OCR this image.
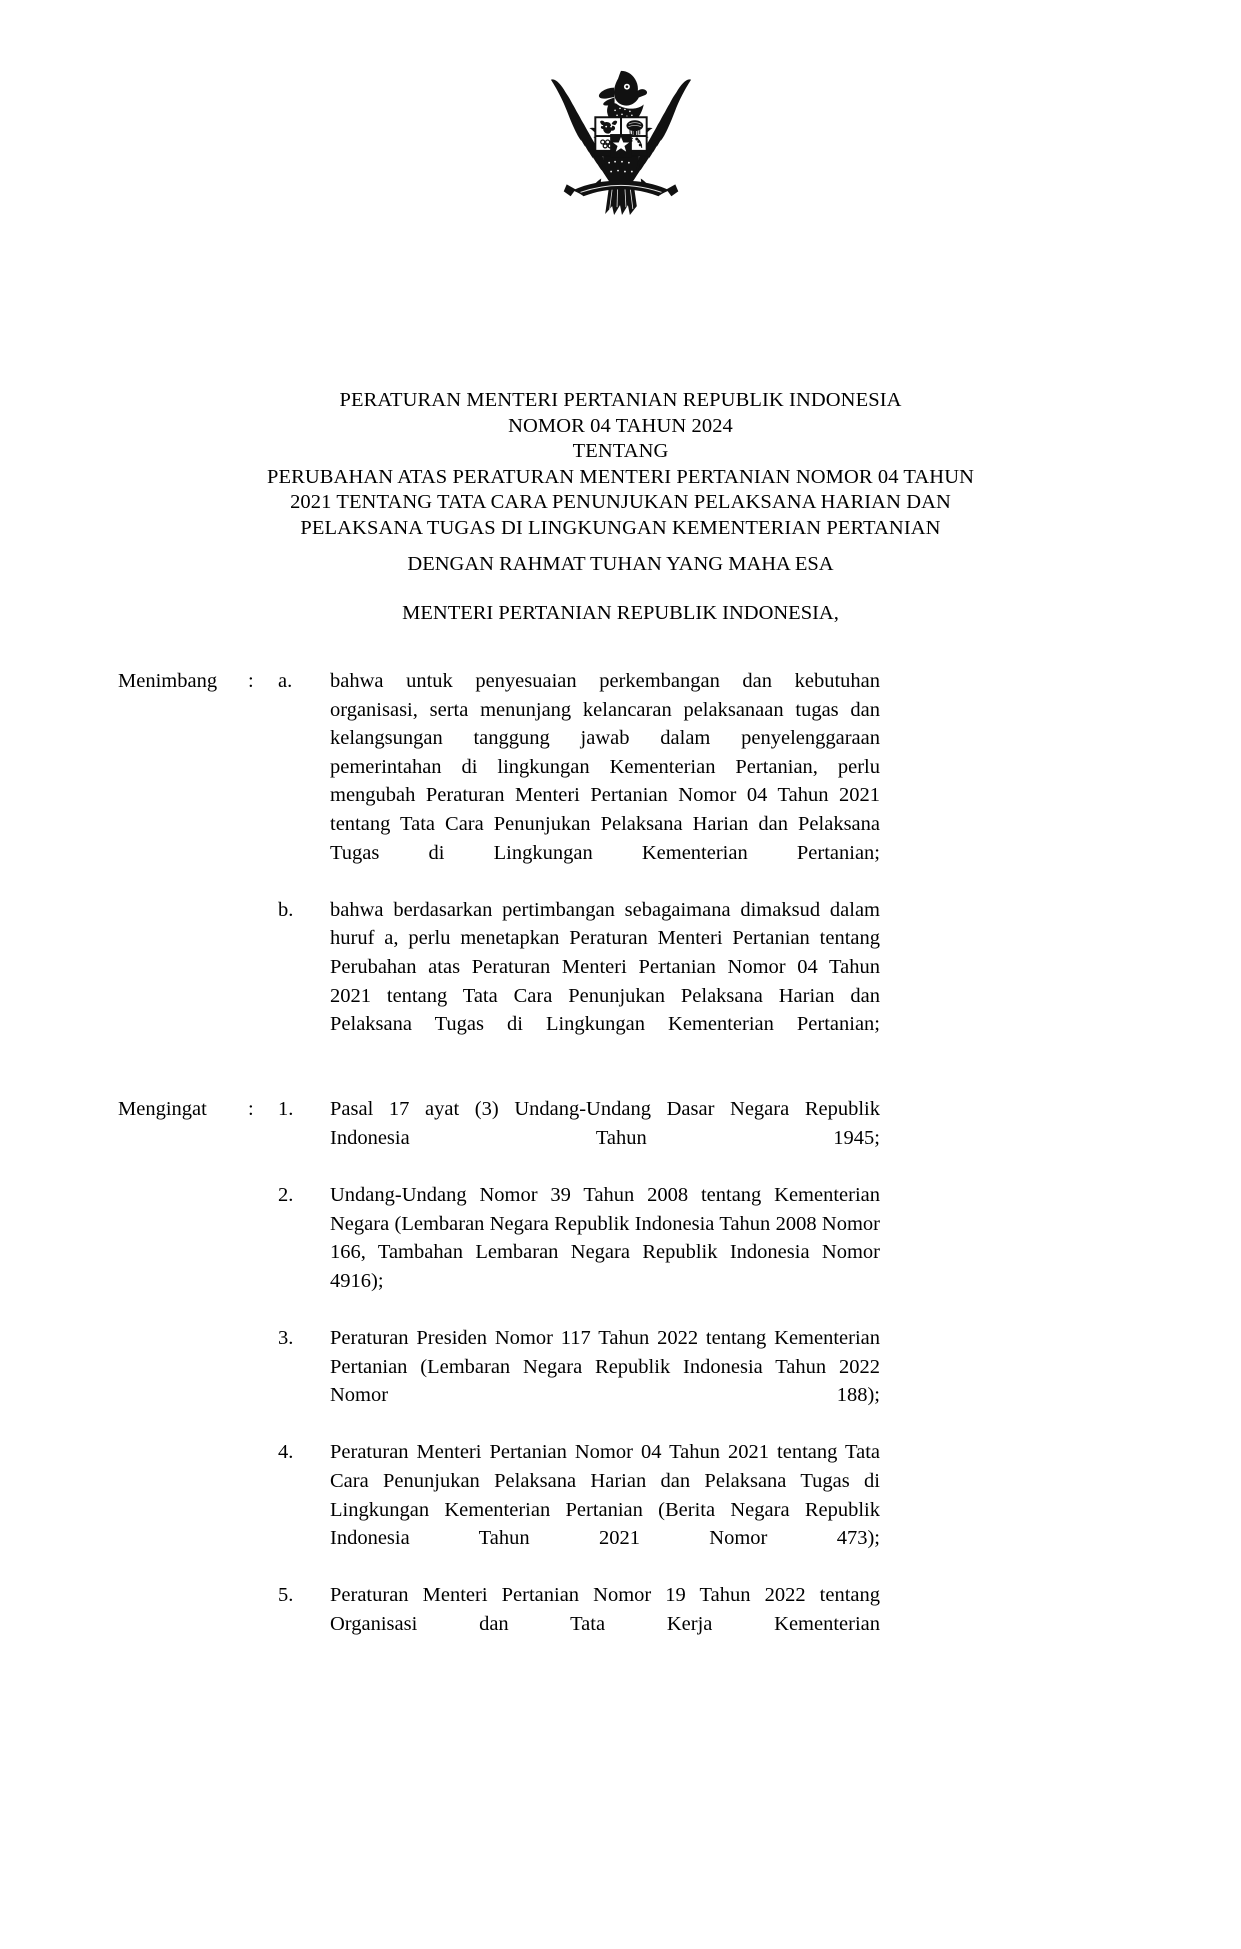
PERATURAN MENTERI PERTANIAN REPUBLIK INDONESIA
NOMOR 04 TAHUN 2024
TENTANG
PERUBAHAN ATAS PERATURAN MENTERI PERTANIAN NOMOR 04 TAHUN
2021 TENTANG TATA CARA PENUNJUKAN PELAKSANA HARIAN DAN
PELAKSANA TUGAS DI LINGKUNGAN KEMENTERIAN PERTANIAN
DENGAN RAHMAT TUHAN YANG MAHA ESA
MENTERI PERTANIAN REPUBLIK INDONESIA,
Menimbang	:	a.	bahwa untuk penyesuaian perkembangan dan kebutuhan organisasi, serta menunjang kelancaran pelaksanaan tugas dan kelangsungan tanggung jawab dalam penyelenggaraan pemerintahan di lingkungan Kementerian Pertanian, perlu mengubah Peraturan Menteri Pertanian Nomor 04 Tahun 2021 tentang Tata Cara Penunjukan Pelaksana Harian dan Pelaksana Tugas di Lingkungan Kementerian Pertanian;
b.	bahwa berdasarkan pertimbangan sebagaimana dimaksud dalam huruf a, perlu menetapkan Peraturan Menteri Pertanian tentang Perubahan atas Peraturan Menteri Pertanian Nomor 04 Tahun 2021 tentang Tata Cara Penunjukan Pelaksana Harian dan Pelaksana Tugas di Lingkungan Kementerian Pertanian;
Mengingat	:	1.	Pasal 17 ayat (3) Undang-Undang Dasar Negara Republik Indonesia Tahun 1945;
2.	Undang-Undang Nomor 39 Tahun 2008 tentang Kementerian Negara (Lembaran Negara Republik Indonesia Tahun 2008 Nomor 166, Tambahan Lembaran Negara Republik Indonesia Nomor 4916);
3.	Peraturan Presiden Nomor 117 Tahun 2022 tentang Kementerian Pertanian (Lembaran Negara Republik Indonesia Tahun 2022 Nomor 188);
4.	Peraturan Menteri Pertanian Nomor 04 Tahun 2021 tentang Tata Cara Penunjukan Pelaksana Harian dan Pelaksana Tugas di Lingkungan Kementerian Pertanian (Berita Negara Republik Indonesia Tahun 2021 Nomor 473);
5.	Peraturan Menteri Pertanian Nomor 19 Tahun 2022 tentang Organisasi dan Tata Kerja Kementerian
